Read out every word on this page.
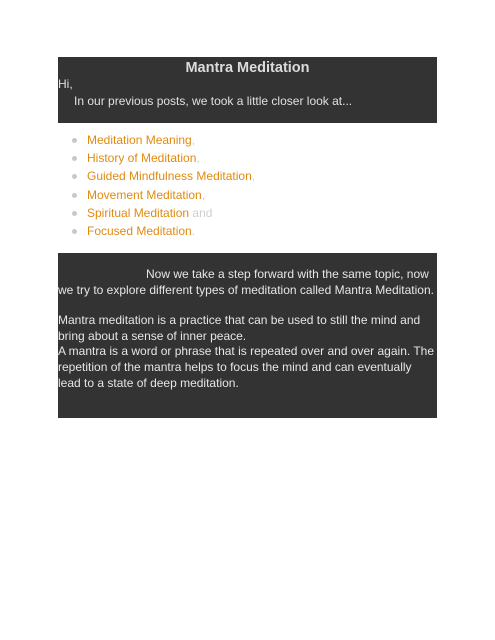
Mantra Meditation
Hi,
In our previous posts, we took a little closer look at...
Meditation Meaning,
History of Meditation,
Guided Mindfulness Meditation,
Movement Meditation,
Spiritual Meditation and
Focused Meditation.

Now we take a step forward with the same topic, now we try to explore different types of meditation called Mantra Meditation.

Mantra meditation is a practice that can be used to still the mind and bring about a sense of inner peace.

A mantra is a word or phrase that is repeated over and over again. The repetition of the mantra helps to focus the mind and can eventually lead to a state of deep meditation.
